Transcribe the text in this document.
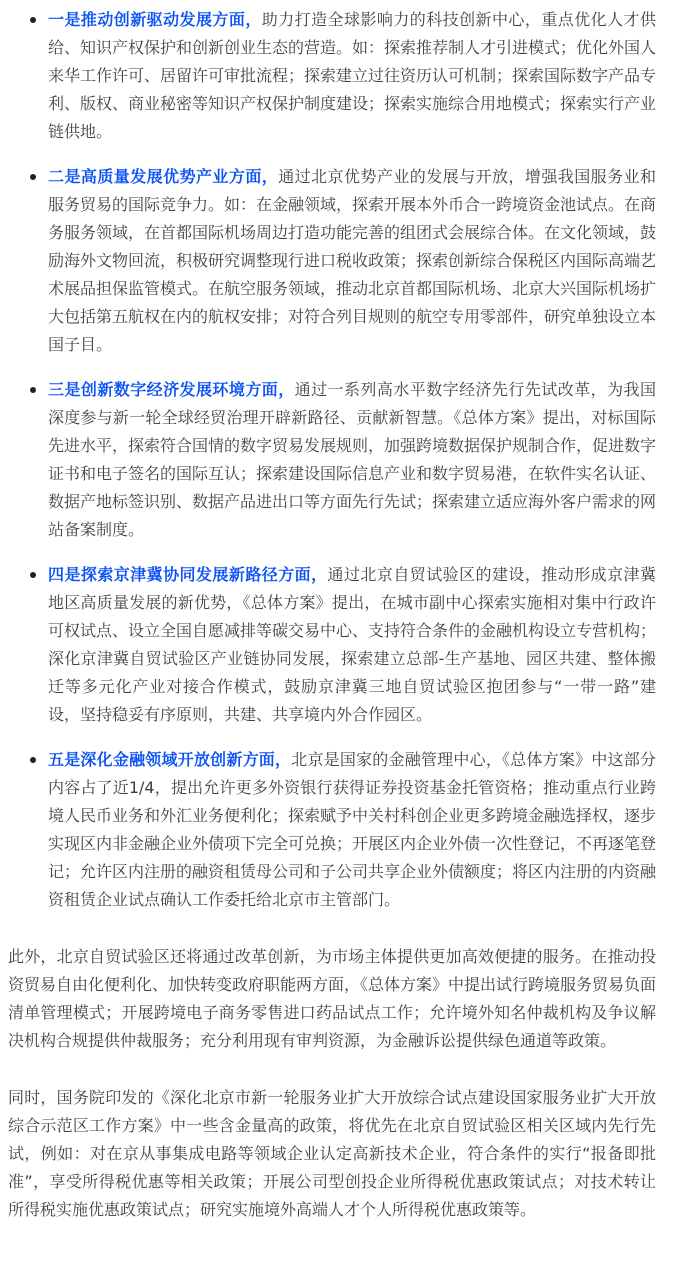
一是推动创新驱动发展方面，助力打造全球影响力的科技创新中心，重点优化人才供给、知识产权保护和创新创业生态的营造。如：探索推荐制人才引进模式；优化外国人来华工作许可、居留许可审批流程；探索建立过往资历认可机制；探索国际数字产品专利、版权、商业秘密等知识产权保护制度建设；探索实施综合用地模式；探索实行产业链供地。
二是高质量发展优势产业方面，通过北京优势产业的发展与开放，增强我国服务业和服务贸易的国际竞争力。如：在金融领域，探索开展本外币合一跨境资金池试点。在商务服务领域，在首都国际机场周边打造功能完善的组团式会展综合体。在文化领域，鼓励海外文物回流，积极研究调整现行进口税收政策；探索创新综合保税区内国际高端艺术展品担保监管模式。在航空服务领域，推动北京首都国际机场、北京大兴国际机场扩大包括第五航权在内的航权安排；对符合列目规则的航空专用零部件，研究单独设立本国子目。
三是创新数字经济发展环境方面，通过一系列高水平数字经济先行先试改革，为我国深度参与新一轮全球经贸治理开辟新路径、贡献新智慧。《总体方案》提出，对标国际先进水平，探索符合国情的数字贸易发展规则，加强跨境数据保护规制合作，促进数字证书和电子签名的国际互认；探索建设国际信息产业和数字贸易港，在软件实名认证、数据产地标签识别、数据产品进出口等方面先行先试；探索建立适应海外客户需求的网站备案制度。
四是探索京津冀协同发展新路径方面，通过北京自贸试验区的建设，推动形成京津冀地区高质量发展的新优势，《总体方案》提出，在城市副中心探索实施相对集中行政许可权试点、设立全国自愿减排等碳交易中心、支持符合条件的金融机构设立专营机构；深化京津冀自贸试验区产业链协同发展，探索建立总部-生产基地、园区共建、整体搬迁等多元化产业对接合作模式，鼓励京津冀三地自贸试验区抱团参与“一带一路”建设，坚持稳妥有序原则，共建、共享境内外合作园区。
五是深化金融领域开放创新方面，北京是国家的金融管理中心，《总体方案》中这部分内容占了近1/4，提出允许更多外资银行获得证券投资基金托管资格；推动重点行业跨境人民币业务和外汇业务便利化；探索赋予中关村科创企业更多跨境金融选择权，逐步实现区内非金融企业外债项下完全可兑换；开展区内企业外债一次性登记，不再逐笔登记；允许区内注册的融资租赁母公司和子公司共享企业外债额度；将区内注册的内资融资租赁企业试点确认工作委托给北京市主管部门。

此外，北京自贸试验区还将通过改革创新，为市场主体提供更加高效便捷的服务。在推动投资贸易自由化便利化、加快转变政府职能两方面，《总体方案》中提出试行跨境服务贸易负面清单管理模式；开展跨境电子商务零售进口药品试点工作；允许境外知名仲裁机构及争议解决机构合规提供仲裁服务；充分利用现有审判资源，为金融诉讼提供绿色通道等政策。

同时，国务院印发的《深化北京市新一轮服务业扩大开放综合试点建设国家服务业扩大开放综合示范区工作方案》中一些含金量高的政策，将优先在北京自贸试验区相关区域内先行先试，例如：对在京从事集成电路等领域企业认定高新技术企业，符合条件的实行“报备即批准”，享受所得税优惠等相关政策；开展公司型创投企业所得税优惠政策试点；对技术转让所得税实施优惠政策试点；研究实施境外高端人才个人所得税优惠政策等。
